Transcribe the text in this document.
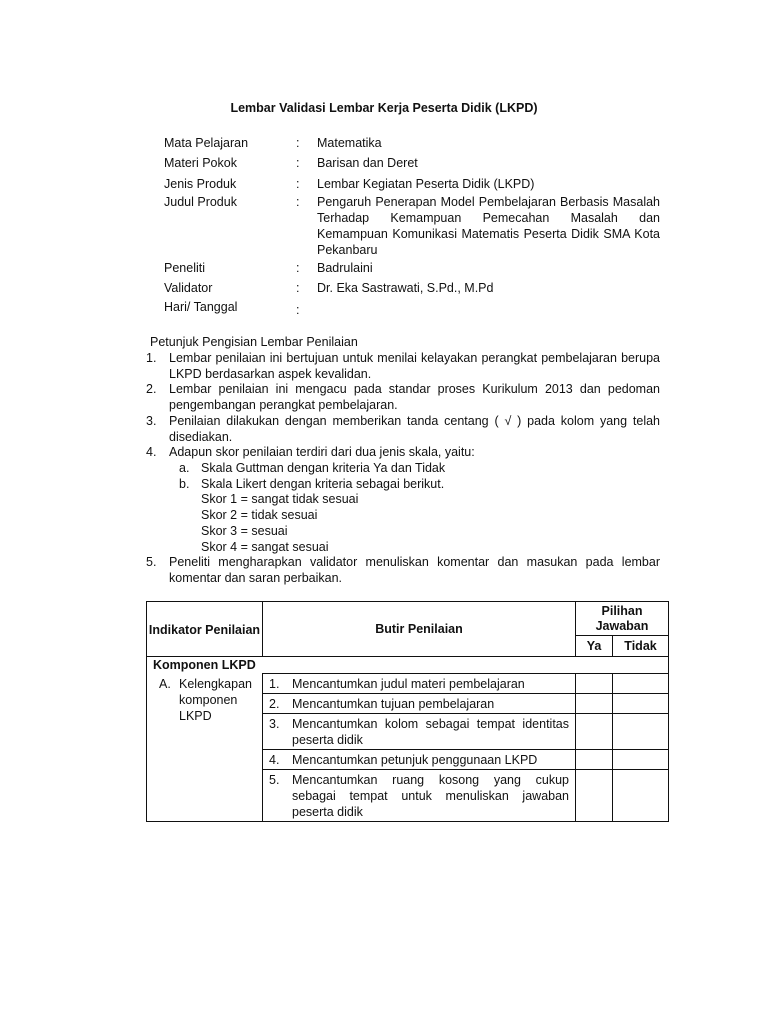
Lembar Validasi Lembar Kerja Peserta Didik (LKPD)
Mata Pelajaran	: Matematika
Materi Pokok	: Barisan dan Deret
Jenis Produk	: Lembar Kegiatan Peserta Didik (LKPD)
Judul Produk	: Pengaruh Penerapan Model Pembelajaran Berbasis Masalah Terhadap Kemampuan Pemecahan Masalah dan Kemampuan Komunikasi Matematis Peserta Didik SMA Kota Pekanbaru
Peneliti	: Badrulaini
Validator	: Dr. Eka Sastrawati, S.Pd., M.Pd
Hari/ Tanggal	:
Petunjuk Pengisian Lembar Penilaian
1. Lembar penilaian ini bertujuan untuk menilai kelayakan perangkat pembelajaran berupa LKPD berdasarkan aspek kevalidan.
2. Lembar penilaian ini mengacu pada standar proses Kurikulum 2013 dan pedoman pengembangan perangkat pembelajaran.
3. Penilaian dilakukan dengan memberikan tanda centang ( √ ) pada kolom yang telah disediakan.
4. Adapun skor penilaian terdiri dari dua jenis skala, yaitu:
a. Skala Guttman dengan kriteria Ya dan Tidak
b. Skala Likert dengan kriteria sebagai berikut.
Skor 1 = sangat tidak sesuai
Skor 2 = tidak sesuai
Skor 3 = sesuai
Skor 4 = sangat sesuai
5. Peneliti mengharapkan validator menuliskan komentar dan masukan pada lembar komentar dan saran perbaikan.
Indikator Penilaian	Butir Penilaian	Pilihan Jawaban	
		Ya	Tidak
Komponen LKPD			

A. Kelengkapan komponen LKPD	1. Mencantumkan judul materi pembelajaran		

	2. Mencantumkan tujuan pembelajaran		

	3. Mencantumkan kolom sebagai tempat identitas peserta didik		

	4. Mencantumkan petunjuk penggunaan LKPD		

	5. Mencantumkan ruang kosong yang cukup sebagai tempat untuk menuliskan jawaban peserta didik		
